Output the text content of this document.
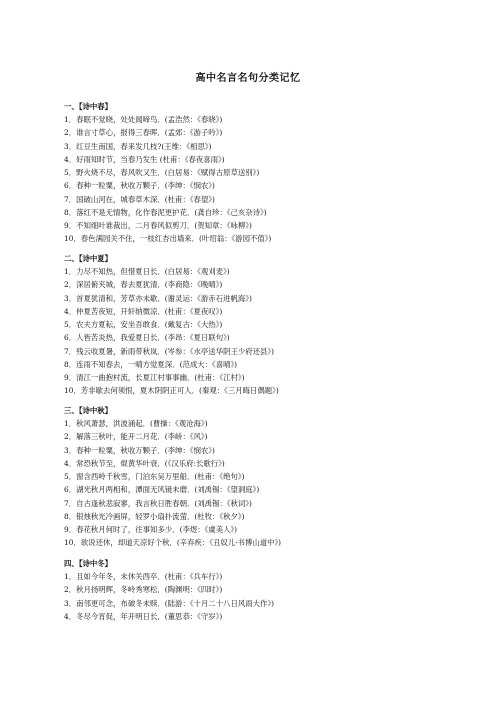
高中名言名句分类记忆
一、【诗中春】
1．春眠不觉晓，处处闻啼鸟．(孟浩然：《春晓》)
2．谁言寸草心，报得三春晖．(孟郊：《游子吟》)
3．红豆生南国，春来发几枝?(王维：《相思》)
4．好雨知时节，当春乃发生 (杜甫：《春夜喜雨》)
5．野火烧不尽，春风吹又生．(白居易：《赋得古原草送别》)
6．春种一粒粟，秋收万颗子．(李绅：《悯农》)
7．国破山河在，城春草木深．(杜甫：《春望》)
8．落红不是无情物，化作春泥更护花．(龚自珍：《己亥杂诗》)
9．不知细叶谁裁出，二月春风似剪刀．(贺知章：《咏柳》)
10．春色满园关不住，一枝红杏出墙来．(叶绍翁：《游园不值》)
二、【诗中夏】
1．力尽不知热，但惜夏日长．(白居易：《观刈麦》)
2．深居俯夹城，春去夏犹清．(李商隐：《晚晴》)
3．首夏犹清和，芳草亦未歇．(谢灵运：《游赤石进帆海》)
4．仲夏苦夜短，开轩纳微凉．(杜甫：《夏夜叹》)
5．农夫方夏耘，安坐吾敢食．(戴复古：《大热》)
6．人皆苦炎热，我爱夏日长．(李昂：《夏日联句》)
7．残云收夏暑，新雨带秋岚．(岑参：《水亭送华阴王少府还县》)
8．连雨不知春去，一晴方觉夏深．(范成大：《喜晴》)
9．清江一曲抱村流，长夏江村事事幽．(杜甫：《江村》)
10．芳非歇去何须恨，夏木阴阴正可人．(秦观：《三月晦日偶题》)
三、【诗中秋】
1．秋风萧瑟，洪波涌起．(曹操：《观沧海》)
2．解落三秋叶，能开二月花．(李峤：《风》)
3．春种一粒粟，秋收万颗子．(李绅：《悯农》)
4．常恐秋节至，焜黄华叶衰．(《汉乐府:长歌行》)
5．窗含西岭千秋雪，门泊东吴万里船．(杜甫：《绝句》)
6．湖光秋月两相和，潭面无风镜未磨．(刘禹锡：《望洞庭》)
7．自古逢秋悲寂寥，我言秋日胜春朝．(刘禹锡：《秋词》)
8．银烛秋光冷画屏，轻罗小扇扑流萤．(杜牧：《秋夕》)
9．春花秋月何时了，往事知多少．(李煜：《虞美人》)
10．欲说还休，却道天凉好个秋．(辛弃疾：《丑奴儿·书博山道中》)
四、【诗中冬】
1．且如今年冬，未休关西卒．(杜甫：《兵车行》)
2．秋月扬明辉，冬岭秀寒松．(陶渊明：《四时》)
3．南邻更可念，布破冬未赎．(陆游：《十月二十八日风雨大作》)
4．冬尽今宵促，年开明日长．(董思恭：《守岁》)
